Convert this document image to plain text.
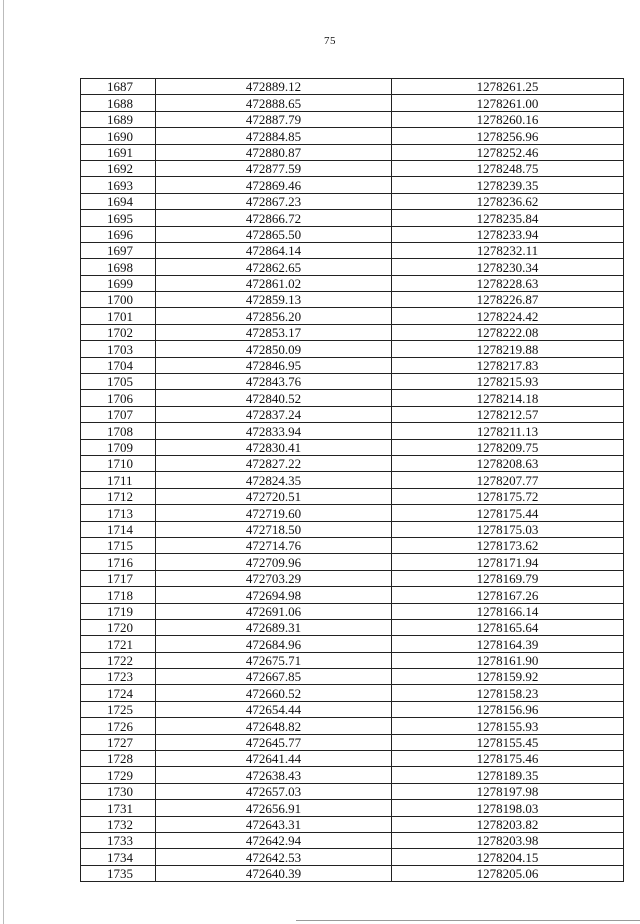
75
1687	472889.12	1278261.25
1688	472888.65	1278261.00
1689	472887.79	1278260.16
1690	472884.85	1278256.96
1691	472880.87	1278252.46
1692	472877.59	1278248.75
1693	472869.46	1278239.35
1694	472867.23	1278236.62
1695	472866.72	1278235.84
1696	472865.50	1278233.94
1697	472864.14	1278232.11
1698	472862.65	1278230.34
1699	472861.02	1278228.63
1700	472859.13	1278226.87
1701	472856.20	1278224.42
1702	472853.17	1278222.08
1703	472850.09	1278219.88
1704	472846.95	1278217.83
1705	472843.76	1278215.93
1706	472840.52	1278214.18
1707	472837.24	1278212.57
1708	472833.94	1278211.13
1709	472830.41	1278209.75
1710	472827.22	1278208.63
1711	472824.35	1278207.77
1712	472720.51	1278175.72
1713	472719.60	1278175.44
1714	472718.50	1278175.03
1715	472714.76	1278173.62
1716	472709.96	1278171.94
1717	472703.29	1278169.79
1718	472694.98	1278167.26
1719	472691.06	1278166.14
1720	472689.31	1278165.64
1721	472684.96	1278164.39
1722	472675.71	1278161.90
1723	472667.85	1278159.92
1724	472660.52	1278158.23
1725	472654.44	1278156.96
1726	472648.82	1278155.93
1727	472645.77	1278155.45
1728	472641.44	1278175.46
1729	472638.43	1278189.35
1730	472657.03	1278197.98
1731	472656.91	1278198.03
1732	472643.31	1278203.82
1733	472642.94	1278203.98
1734	472642.53	1278204.15
1735	472640.39	1278205.06
